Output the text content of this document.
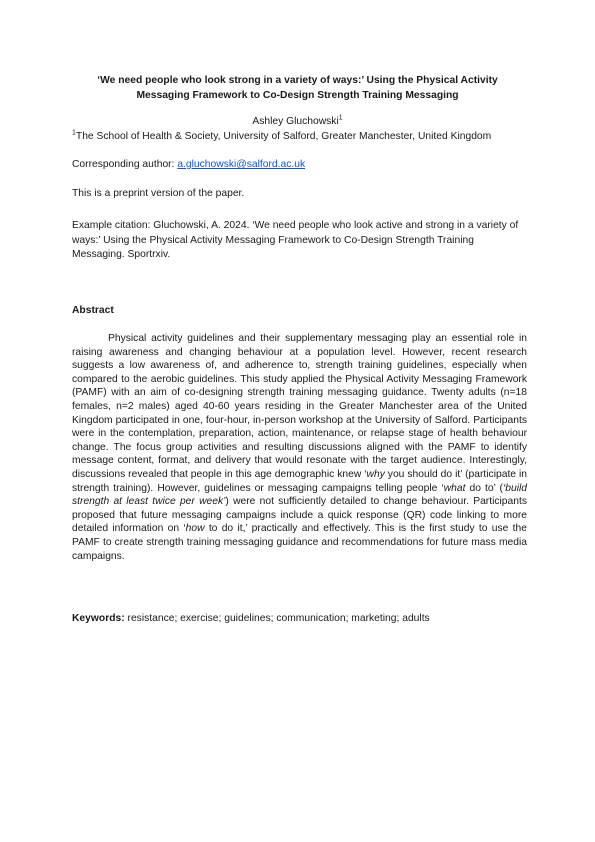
‘We need people who look strong in a variety of ways:’ Using the Physical Activity
Messaging Framework to Co-Design Strength Training Messaging
Ashley Gluchowski$^1$
$^1$The School of Health & Society, University of Salford, Greater Manchester, United Kingdom
Corresponding author: a.gluchowski@salford.ac.uk
This is a preprint version of the paper.
Example citation: Gluchowski, A. 2024. ‘We need people who look active and strong in a variety of ways:’ Using the Physical Activity Messaging Framework to Co-Design Strength Training Messaging. Sportrxiv.
Abstract
Physical activity guidelines and their supplementary messaging play an essential role in raising awareness and changing behaviour at a population level. However, recent research suggests a low awareness of, and adherence to, strength training guidelines, especially when compared to the aerobic guidelines. This study applied the Physical Activity Messaging Framework (PAMF) with an aim of co-designing strength training messaging guidance. Twenty adults (n=18 females, n=2 males) aged 40-60 years residing in the Greater Manchester area of the United Kingdom participated in one, four-hour, in-person workshop at the University of Salford. Participants were in the contemplation, preparation, action, maintenance, or relapse stage of health behaviour change. The focus group activities and resulting discussions aligned with the PAMF to identify message content, format, and delivery that would resonate with the target audience. Interestingly, discussions revealed that people in this age demographic knew ‘why you should do it’ (participate in strength training). However, guidelines or messaging campaigns telling people ‘what do to’ (‘build strength at least twice per week’) were not sufficiently detailed to change behaviour. Participants proposed that future messaging campaigns include a quick response (QR) code linking to more detailed information on ‘how to do it,’ practically and effectively. This is the first study to use the PAMF to create strength training messaging guidance and recommendations for future mass media campaigns.
Keywords: resistance; exercise; guidelines; communication; marketing; adults
